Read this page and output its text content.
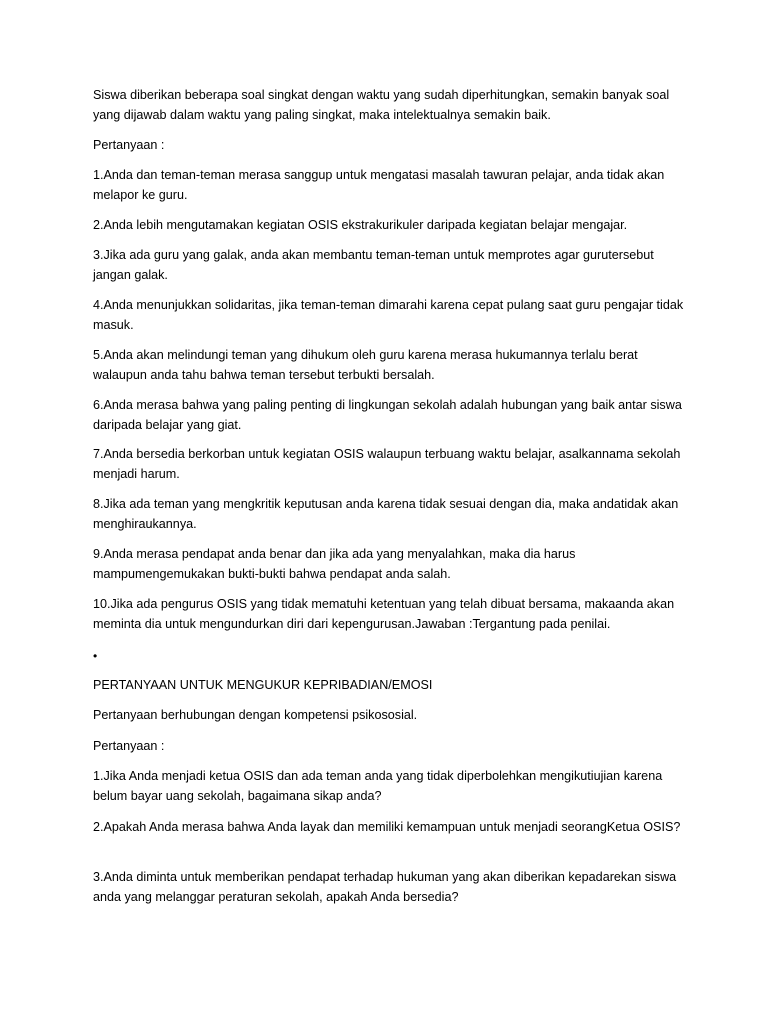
Siswa diberikan beberapa soal singkat dengan waktu yang sudah diperhitungkan, semakin banyak soal yang dijawab dalam waktu yang paling singkat, maka intelektualnya semakin baik.

Pertanyaan :

1.Anda dan teman-teman merasa sanggup untuk mengatasi masalah tawuran pelajar, anda tidak akan melapor ke guru.

2.Anda lebih mengutamakan kegiatan OSIS ekstrakurikuler daripada kegiatan belajar mengajar.

3.Jika ada guru yang galak, anda akan membantu teman-teman untuk memprotes agar gurutersebut jangan galak.

4.Anda menunjukkan solidaritas, jika teman-teman dimarahi karena cepat pulang saat guru pengajar tidak masuk.

5.Anda akan melindungi teman yang dihukum oleh guru karena merasa hukumannya terlalu berat walaupun anda tahu bahwa teman tersebut terbukti bersalah.

6.Anda merasa bahwa yang paling penting di lingkungan sekolah adalah hubungan yang baik antar siswa daripada belajar yang giat.

7.Anda bersedia berkorban untuk kegiatan OSIS walaupun terbuang waktu belajar, asalkannama sekolah menjadi harum.

8.Jika ada teman yang mengkritik keputusan anda karena tidak sesuai dengan dia, maka andatidak akan menghiraukannya.

9.Anda merasa pendapat anda benar dan jika ada yang menyalahkan, maka dia harus mampumengemukakan bukti-bukti bahwa pendapat anda salah.

10.Jika ada pengurus OSIS yang tidak mematuhi ketentuan yang telah dibuat bersama, makaanda akan meminta dia untuk mengundurkan diri dari kepengurusan.Jawaban :Tergantung pada penilai.

•

PERTANYAAN UNTUK MENGUKUR KEPRIBADIAN/EMOSI

Pertanyaan berhubungan dengan kompetensi psikososial.

Pertanyaan :

1.Jika Anda menjadi ketua OSIS dan ada teman anda yang tidak diperbolehkan mengikutiujian karena belum bayar uang sekolah, bagaimana sikap anda?

2.Apakah Anda merasa bahwa Anda layak dan memiliki kemampuan untuk menjadi seorangKetua OSIS?

3.Anda diminta untuk memberikan pendapat terhadap hukuman yang akan diberikan kepadarekan siswa anda yang melanggar peraturan sekolah, apakah Anda bersedia?
